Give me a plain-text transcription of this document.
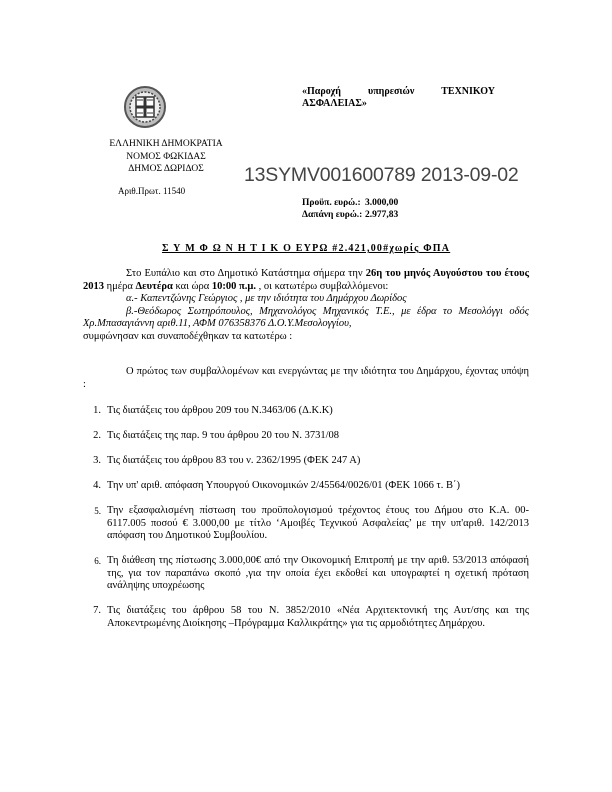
ΕΛΛΗΝΙΚΗ ΔΗΜΟΚΡΑΤΙΑ
ΝΟΜΟΣ ΦΩΚΙΔΑΣ
ΔΗΜΟΣ ΔΩΡΙΔΟΣ
Αριθ.Πρωτ. 11540
«Παροχή υπηρεσιών ΤΕΧΝΙΚΟΥ
ΑΣΦΑΛΕΙΑΣ»
13SYMV001600789 2013-09-02
Προϋπ. ευρώ.: 3.000,00
Δαπάνη ευρώ.: 2.977,83
Σ Υ Μ Φ Ω Ν Η Τ Ι Κ Ο ΕΥΡΩ #2.421,00#χωρίς ΦΠΑ
Στο Ευπάλιο και στο Δημοτικό Κατάστημα σήμερα την 26η του μηνός Αυγούστου του έτους 2013 ημέρα Δευτέρα και ώρα 10:00 π.μ. , οι κατωτέρω συμβαλλόμενοι:
α.- Καπεντζώνης Γεώργιος , με την ιδιότητα του Δημάρχου Δωρίδος
β.-Θεόδωρος Σωτηρόπουλος, Μηχανολόγος Μηχανικός Τ.Ε., με έδρα το Μεσολόγγι οδός Χρ.Μπασαγιάννη αριθ.11, ΑΦΜ 076358376 Δ.Ο.Υ.Μεσολογγίου,
συμφώνησαν και συναποδέχθηκαν τα κατωτέρω :
Ο πρώτος των συμβαλλομένων και ενεργώντας με την ιδιότητα του Δημάρχου, έχοντας υπόψη :
1. Τις διατάξεις του άρθρου 209 του Ν.3463/06 (Δ.Κ.Κ)
2. Τις διατάξεις της παρ. 9 του άρθρου 20 του Ν. 3731/08
3. Τις διατάξεις του άρθρου 83 του ν. 2362/1995 (ΦΕΚ 247 Α)
4. Την υπ' αριθ. απόφαση Υπουργού Οικονομικών 2/45564/0026/01 (ΦΕΚ 1066 τ. Β΄)
5. Την εξασφαλισμένη πίστωση του προϋπολογισμού τρέχοντος έτους του Δήμου στο Κ.Α. 00-6117.005 ποσού € 3.000,00 με τίτλο ‘Αμοιβές Τεχνικού Ασφαλείας’ με την υπ'αριθ. 142/2013 απόφαση του Δημοτικού Συμβουλίου.
6. Τη διάθεση της πίστωσης 3.000,00€ από την Οικονομική Επιτροπή με την αριθ. 53/2013 απόφασή της, για τον παραπάνω σκοπό ,για την οποία έχει εκδοθεί και υπογραφτεί η σχετική πρόταση ανάληψης υποχρέωσης
7. Τις διατάξεις του άρθρου 58 του Ν. 3852/2010 «Νέα Αρχιτεκτονική της Αυτ/σης και της Αποκεντρωμένης Διοίκησης –Πρόγραμμα Καλλικράτης» για τις αρμοδιότητες Δημάρχου.
